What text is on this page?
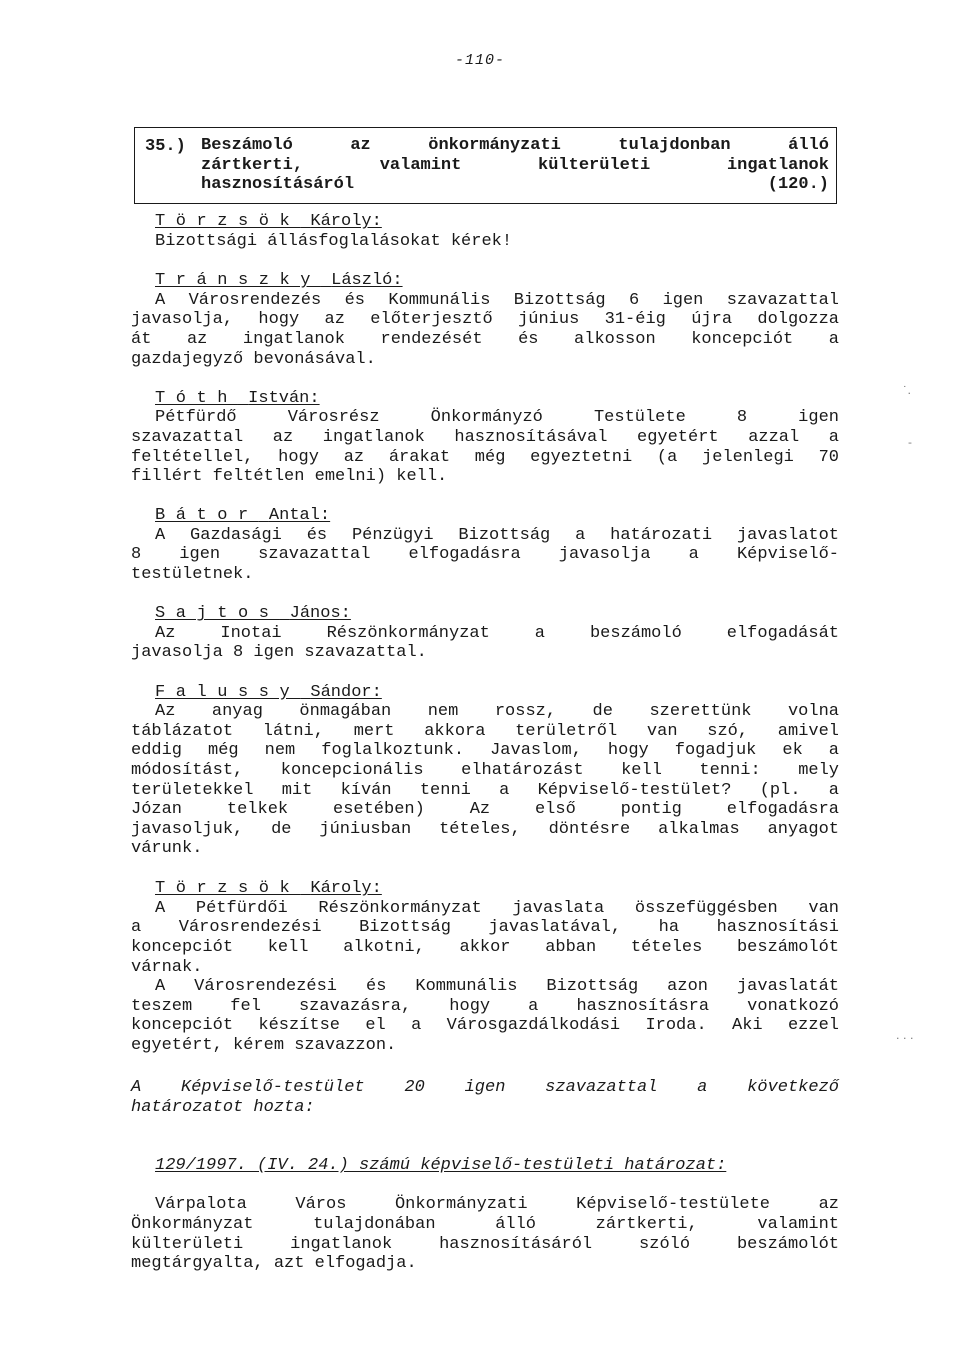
-110-
35.) Beszámoló	az	önkormányzati	tulajdonban	álló
zártkerti,	valamint	külterületi	ingatlanok
hasznosításáról	(120.)
Törzsök Károly:
Bizottsági állásfoglalásokat kérek!
Tránszky László:
A Városrendezés és Kommunális Bizottság 6 igen szavazattal
javasolja, hogy az előterjesztő június 31-éig újra dolgozza
át az ingatlanok rendezését és alkosson koncepciót a
gazdajegyző bevonásával.
Tóth István:
Pétfürdő Városrész Önkormányzó Testülete 8 igen
szavazattal az ingatlanok hasznosításával egyetért azzal a
feltétellel, hogy az árakat még egyeztetni (a jelenlegi 70
fillért feltétlen emelni) kell.
Bátor Antal:
A Gazdasági és Pénzügyi Bizottság a határozati javaslatot
8 igen szavazattal elfogadásra javasolja a Képviselő-
testületnek.
Sajtos János:
Az Inotai Részönkormányzat a beszámoló elfogadását
javasolja 8 igen szavazattal.
Falussy Sándor:
Az anyag önmagában nem rossz, de szerettünk volna
táblázatot látni, mert akkora területről van szó, amivel
eddig még nem foglalkoztunk. Javaslom, hogy fogadjuk ek a
módosítást, koncepcionális elhatározást kell tenni: mely
területekkel mit kíván tenni a Képviselő-testület? (pl. a
Józan telkek esetében) Az első pontig elfogadásra
javasoljuk, de júniusban tételes, döntésre alkalmas anyagot
várunk.
Törzsök Károly:
A Pétfürdői Részönkormányzat javaslata összefüggésben van
a Városrendezési Bizottság javaslatával, ha hasznosítási
koncepciót kell alkotni, akkor abban tételes beszámolót
várnak.
A Városrendezési és Kommunális Bizottság azon javaslatát
teszem fel szavazásra, hogy a hasznosításra vonatkozó
koncepciót készítse el a Városgazdálkodási Iroda. Aki ezzel
egyetért, kérem szavazzon.
A Képviselő-testület 20 igen szavazattal a következő
határozatot hozta:
129/1997. (IV. 24.) számú képviselő-testületi határozat:
Várpalota Város Önkormányzati Képviselő-testülete az
Önkormányzat tulajdonában álló zártkerti, valamint
külterületi ingatlanok hasznosításáról szóló beszámolót
megtárgyalta, azt elfogadja.
˙.
-
· · ·
